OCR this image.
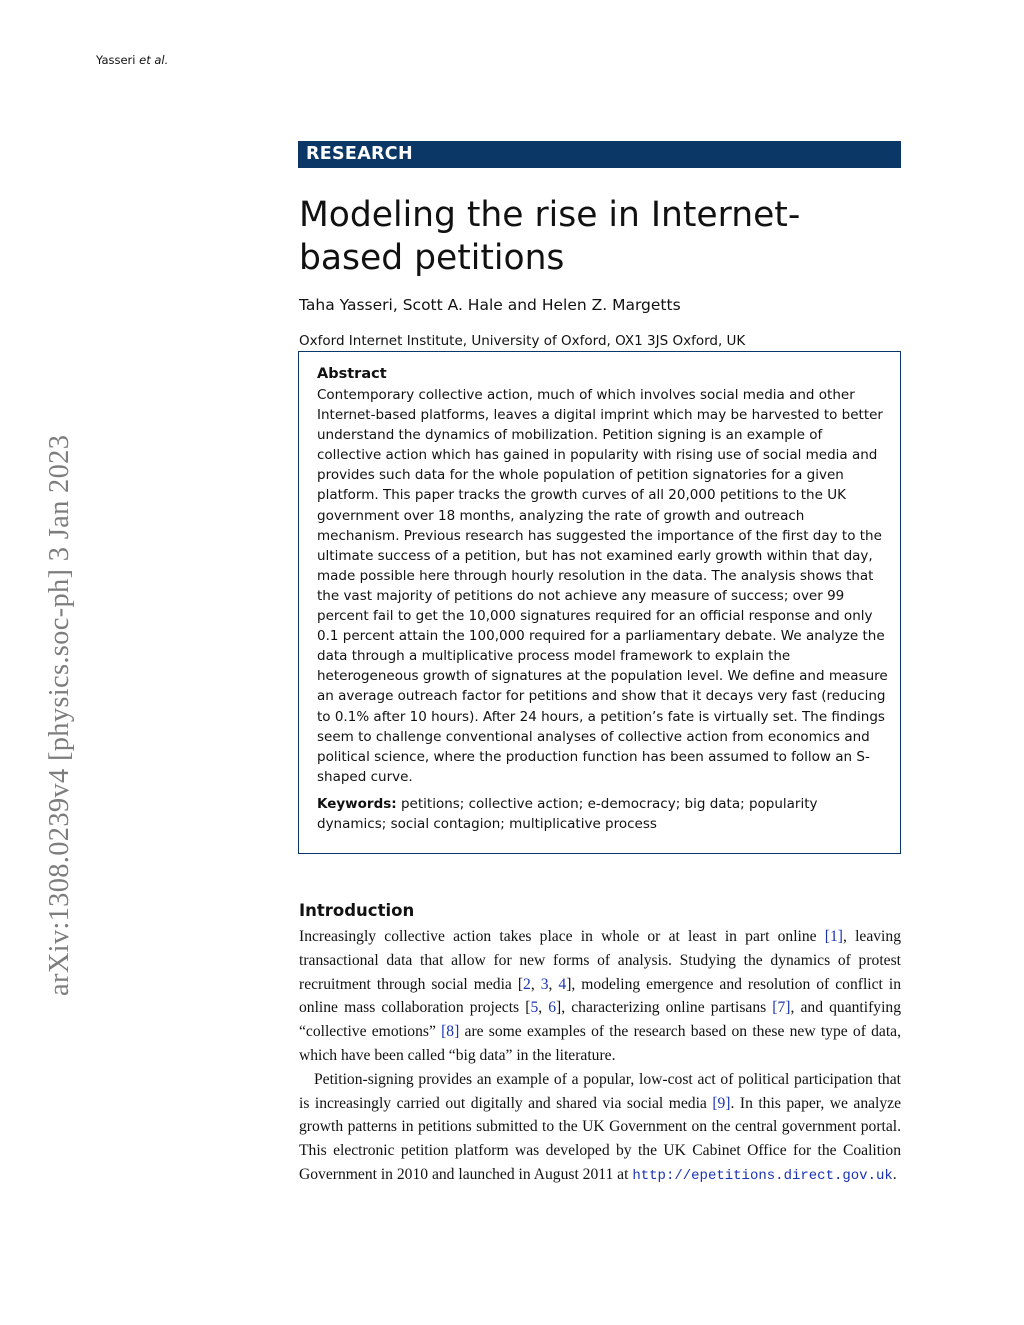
Yasseri et al.
arXiv:1308.0239v4 [physics.soc-ph] 3 Jan 2023
RESEARCH
Modeling the rise in Internet-based petitions
Taha Yasseri, Scott A. Hale and Helen Z. Margetts
Oxford Internet Institute, University of Oxford, OX1 3JS Oxford, UK
Abstract
Contemporary collective action, much of which involves social media and other Internet-based platforms, leaves a digital imprint which may be harvested to better understand the dynamics of mobilization. Petition signing is an example of collective action which has gained in popularity with rising use of social media and provides such data for the whole population of petition signatories for a given platform. This paper tracks the growth curves of all 20,000 petitions to the UK government over 18 months, analyzing the rate of growth and outreach mechanism. Previous research has suggested the importance of the first day to the ultimate success of a petition, but has not examined early growth within that day, made possible here through hourly resolution in the data. The analysis shows that the vast majority of petitions do not achieve any measure of success; over 99 percent fail to get the 10,000 signatures required for an official response and only 0.1 percent attain the 100,000 required for a parliamentary debate. We analyze the data through a multiplicative process model framework to explain the heterogeneous growth of signatures at the population level. We define and measure an average outreach factor for petitions and show that it decays very fast (reducing to 0.1% after 10 hours). After 24 hours, a petition’s fate is virtually set. The findings seem to challenge conventional analyses of collective action from economics and political science, where the production function has been assumed to follow an S-shaped curve.
Keywords: petitions; collective action; e-democracy; big data; popularity dynamics; social contagion; multiplicative process
Introduction

Increasingly collective action takes place in whole or at least in part online [1], leaving transactional data that allow for new forms of analysis. Studying the dynamics of protest recruitment through social media [2, 3, 4], modeling emergence and resolution of conflict in online mass collaboration projects [5, 6], characterizing online partisans [7], and quantifying “collective emotions” [8] are some examples of the research based on these new type of data, which have been called “big data” in the literature.

Petition-signing provides an example of a popular, low-cost act of political participation that is increasingly carried out digitally and shared via social media [9]. In this paper, we analyze growth patterns in petitions submitted to the UK Government on the central government portal. This electronic petition platform was developed by the UK Cabinet Office for the Coalition Government in 2010 and launched in August 2011 at http://epetitions.direct.gov.uk.
